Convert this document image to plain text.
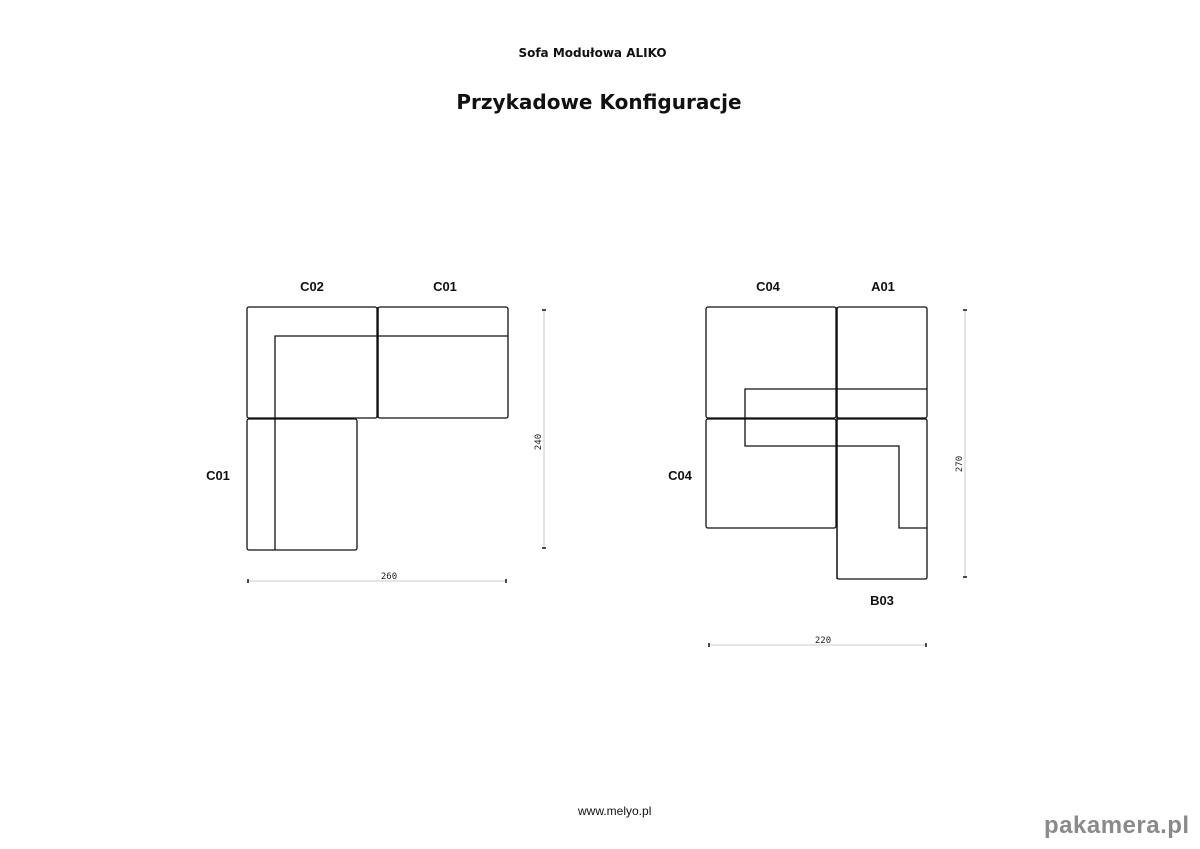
Sofa Modułowa ALIKO
Przykadowe Konfiguracje
C02	C01
C01
240
260
C04	A01
C04
B03
270
220
www.melyo.pl
pakamera.pl
